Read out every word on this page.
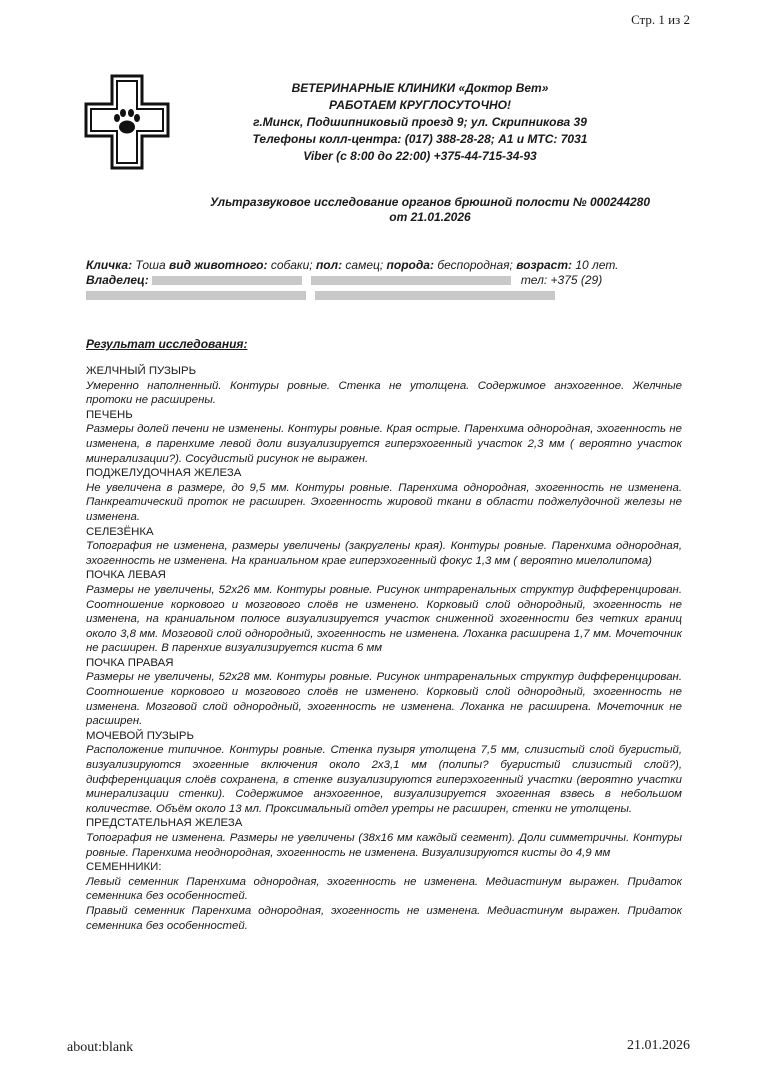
Стр. 1 из 2
ВЕТЕРИНАРНЫЕ КЛИНИКИ «Доктор Вет»
РАБОТАЕМ КРУГЛОСУТОЧНО!
г.Минск, Подшипниковый проезд 9; ул. Скрипникова 39
Телефоны колл-центра: (017) 388-28-28; А1 и МТС: 7031
Viber (с 8:00 до 22:00) +375-44-715-34-93
Ультразвуковое исследование органов брюшной полости № 000244280
от 21.01.2026
Кличка: Тоша вид животного: собаки; пол: самец; порода: беспородная; возраст: 10 лет.
Владелец:	тел: +375 (29)

Результат исследования:
ЖЕЛЧНЫЙ ПУЗЫРЬ
Умеренно наполненный. Контуры ровные. Стенка не утолщена. Содержимое анэхогенное. Желчные протоки не расширены.
ПЕЧЕНЬ
Размеры долей печени не изменены. Контуры ровные. Края острые. Паренхима однородная, эхогенность не изменена, в паренхиме левой доли визуализируется гиперэхогенный участок 2,3 мм ( вероятно участок минерализации?). Сосудистый рисунок не выражен.
ПОДЖЕЛУДОЧНАЯ ЖЕЛЕЗА
Не увеличена в размере, до 9,5 мм. Контуры ровные. Паренхима однородная, эхогенность не изменена. Панкреатический проток не расширен. Эхогенность жировой ткани в области поджелудочной железы не изменена.
СЕЛЕЗЁНКА
Топография не изменена, размеры увеличены (закруглены края). Контуры ровные. Паренхима однородная, эхогенность не изменена. На краниальном крае гиперэхогенный фокус 1,3 мм ( вероятно миелолипома)
ПОЧКА ЛЕВАЯ
Размеры не увеличены, 52х26 мм. Контуры ровные. Рисунок интраренальных структур дифференцирован. Соотношение коркового и мозгового слоёв не изменено. Корковый слой однородный, эхогенность не изменена, на краниальном полюсе визуализируется участок сниженной эхогенности без четких границ около 3,8 мм. Мозговой слой однородный, эхогенность не изменена. Лоханка расширена 1,7 мм. Мочеточник не расширен. В паренхие визуализируется киста 6 мм
ПОЧКА ПРАВАЯ
Размеры не увеличены, 52х28 мм. Контуры ровные. Рисунок интраренальных структур дифференцирован. Соотношение коркового и мозгового слоёв не изменено. Корковый слой однородный, эхогенность не изменена. Мозговой слой однородный, эхогенность не изменена. Лоханка не расширена. Мочеточник не расширен.
МОЧЕВОЙ ПУЗЫРЬ
Расположение типичное. Контуры ровные. Стенка пузыря утолщена 7,5 мм, слизистый слой бугристый, визуализируются эхогенные включения около 2х3,1 мм (полипы? бугристый слизистый слой?), дифференциация слоёв сохранена, в стенке визуализируются гиперэхогенный участки (вероятно участки минерализации стенки). Содержимое анэхогенное, визуализируется эхогенная взвесь в небольшом количестве. Объём около 13 мл. Проксимальный отдел уретры не расширен, стенки не утолщены.
ПРЕДСТАТЕЛЬНАЯ ЖЕЛЕЗА
Топография не изменена. Размеры не увеличены (38х16 мм каждый сегмент). Доли симметричны. Контуры ровные. Паренхима неоднородная, эхогенность не изменена. Визуализируются кисты до 4,9 мм
СЕМЕННИКИ:
Левый семенник Паренхима однородная, эхогенность не изменена. Медиастинум выражен. Придаток семенника без особенностей.
Правый семенник Паренхима однородная, эхогенность не изменена. Медиастинум выражен. Придаток семенника без особенностей.
about:blank	21.01.2026
